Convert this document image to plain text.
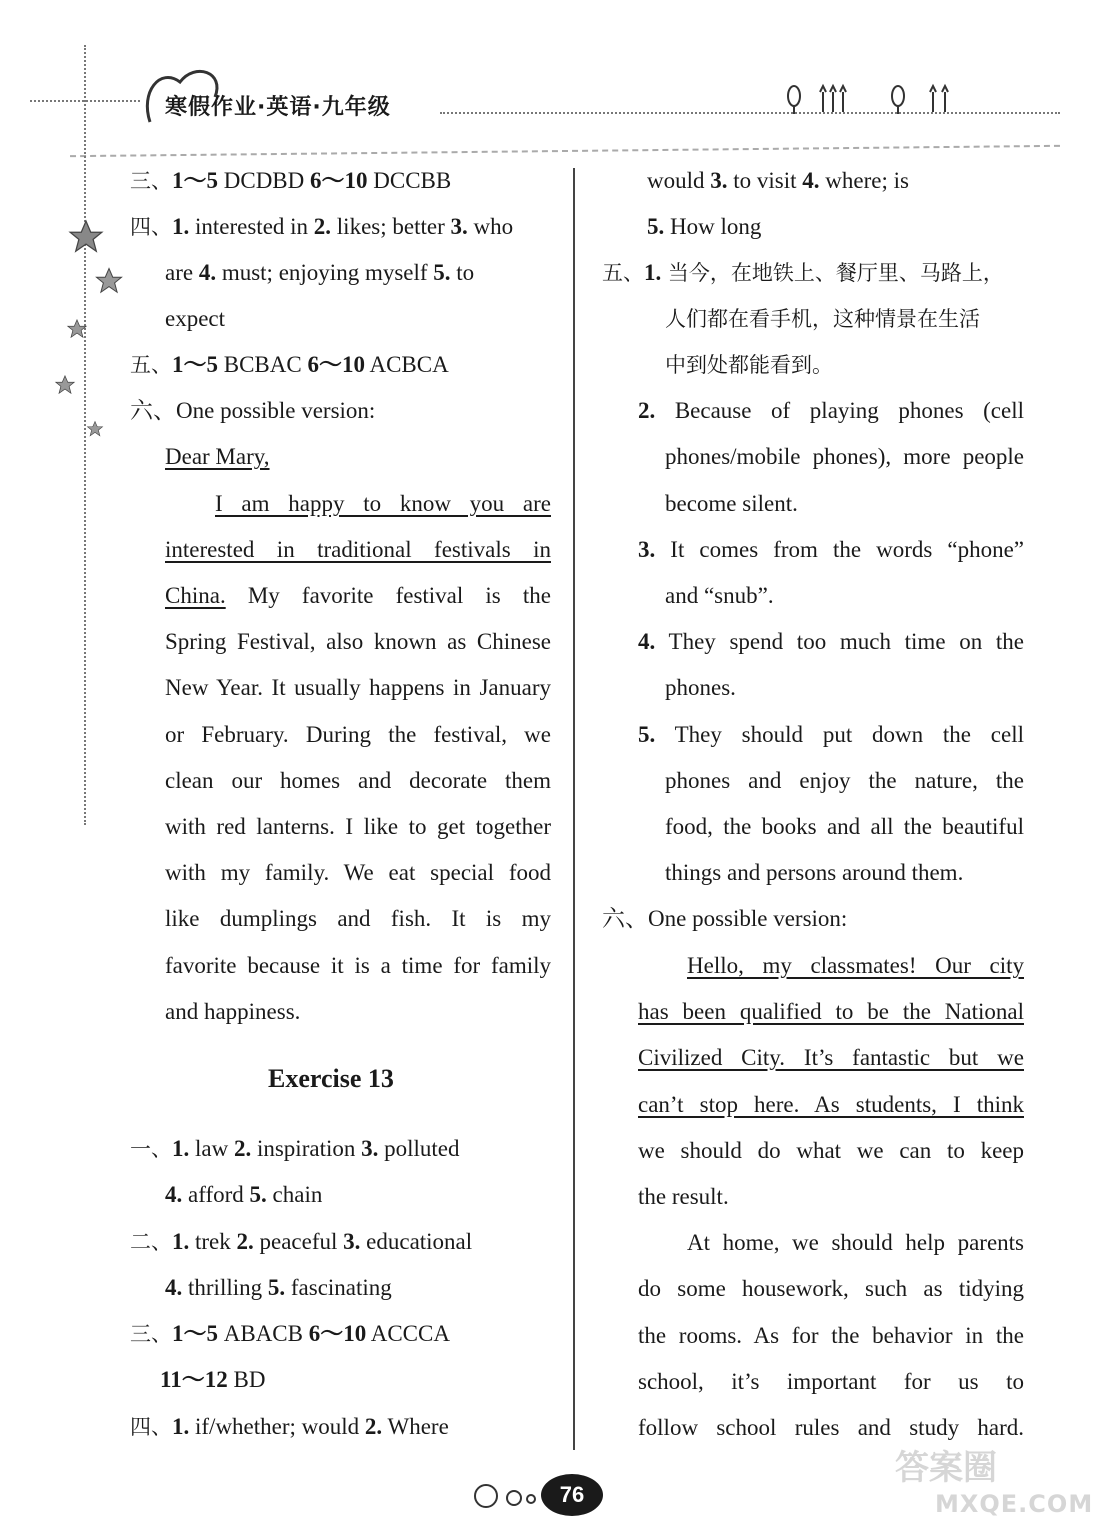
寒假作业·英语·九年级
三、1～5 DCDBD 6～10 DCCBB
四、1. interested in 2. likes; better 3. who
are 4. must; enjoying myself 5. to
expect
五、1～5 BCBAC 6～10 ACBCA
六、One possible version:
Dear Mary,
I am happy to know you are
interested in traditional festivals in
China. My favorite festival is the
Spring Festival, also known as Chinese
New Year. It usually happens in January
or February. During the festival, we
clean our homes and decorate them
with red lanterns. I like to get together
with my family. We eat special food
like dumplings and fish. It is my
favorite because it is a time for family
and happiness.
Exercise 13
一、1. law 2. inspiration 3. polluted
4. afford 5. chain
二、1. trek 2. peaceful 3. educational
4. thrilling 5. fascinating
三、1～5 ABACB 6～10 ACCCA
11～12 BD
四、1. if/whether; would 2. Where
would 3. to visit 4. where; is
5. How long
五、1. 当今，在地铁上、餐厅里、马路上，
人们都在看手机，这种情景在生活
中到处都能看到。
2. Because of playing phones (cell
phones/mobile phones), more people
become silent.
3. It comes from the words “phone”
and “snub”.
4. They spend too much time on the
phones.
5. They should put down the cell
phones and enjoy the nature, the
food, the books and all the beautiful
things and persons around them.
六、One possible version:
Hello, my classmates! Our city
has been qualified to be the National
Civilized City. It’s fantastic but we
can’t stop here. As students, I think
we should do what we can to keep
the result.
At home, we should help parents
do some housework, such as tidying
the rooms. As for the behavior in the
school, it’s important for us to
follow school rules and study hard.
76
答案圈
MXQE.COM
